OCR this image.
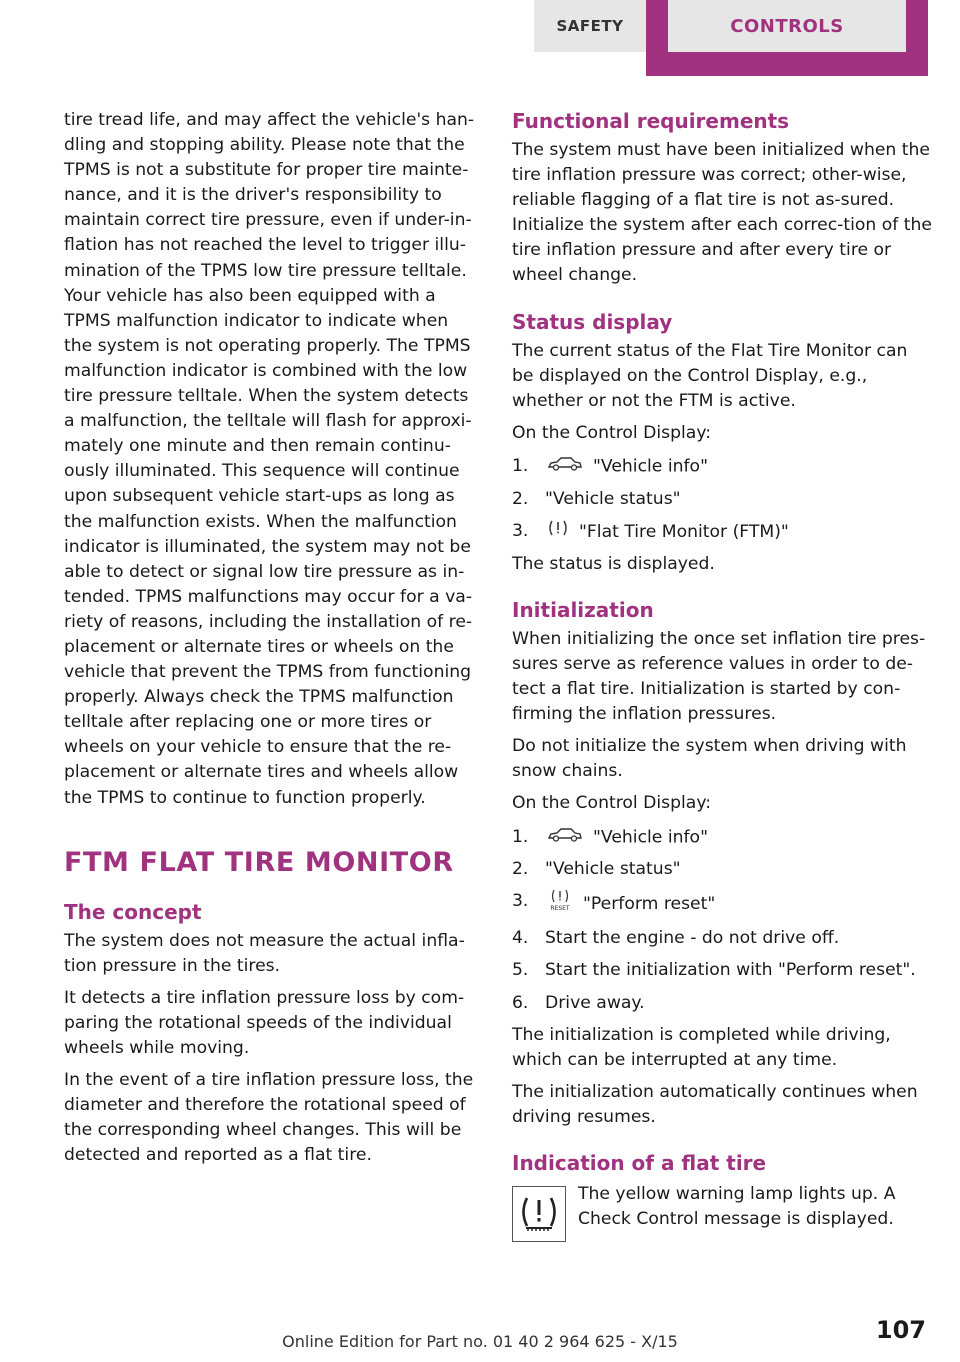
SAFETY	CONTROLS

tire tread life, and may affect the vehicle's han-dling and stopping ability. Please note that the TPMS is not a substitute for proper tire mainte-nance, and it is the driver's responsibility to maintain correct tire pressure, even if under-in-flation has not reached the level to trigger illu-mination of the TPMS low tire pressure telltale. Your vehicle has also been equipped with a TPMS malfunction indicator to indicate when the system is not operating properly. The TPMS malfunction indicator is combined with the low tire pressure telltale. When the system detects a malfunction, the telltale will flash for approxi-mately one minute and then remain continu-ously illuminated. This sequence will continue upon subsequent vehicle start-ups as long as the malfunction exists. When the malfunction indicator is illuminated, the system may not be able to detect or signal low tire pressure as in-tended. TPMS malfunctions may occur for a va-riety of reasons, including the installation of re-placement or alternate tires or wheels on the vehicle that prevent the TPMS from functioning properly. Always check the TPMS malfunction telltale after replacing one or more tires or wheels on your vehicle to ensure that the re-placement or alternate tires and wheels allow the TPMS to continue to function properly.

FTM FLAT TIRE MONITOR
The concept

The system does not measure the actual infla-tion pressure in the tires.

It detects a tire inflation pressure loss by com-paring the rotational speeds of the individual wheels while moving.

In the event of a tire inflation pressure loss, the diameter and therefore the rotational speed of the corresponding wheel changes. This will be detected and reported as a flat tire.

Functional requirements

The system must have been initialized when the tire inflation pressure was correct; other-wise, reliable flagging of a flat tire is not as-sured. Initialize the system after each correc-tion of the tire inflation pressure and after every tire or wheel change.

Status display

The current status of the Flat Tire Monitor can be displayed on the Control Display, e.g., whether or not the FTM is active.

On the Control Display:

1.	"Vehicle info"
2. "Vehicle status"
3.	"Flat Tire Monitor (FTM)"

The status is displayed.

Initialization

When initializing the once set inflation tire pres-sures serve as reference values in order to de-tect a flat tire. Initialization is started by con-firming the inflation pressures.

Do not initialize the system when driving with snow chains.

On the Control Display:

1.	"Vehicle info"
2. "Vehicle status"
3.	RESET "Perform reset"
4. Start the engine - do not drive off.
5. Start the initialization with "Perform reset".
6. Drive away.

The initialization is completed while driving, which can be interrupted at any time.

The initialization automatically continues when driving resumes.

Indication of a flat tire

The yellow warning lamp lights up. A Check Control message is displayed.

Online Edition for Part no. 01 40 2 964 625 - X/15	107
